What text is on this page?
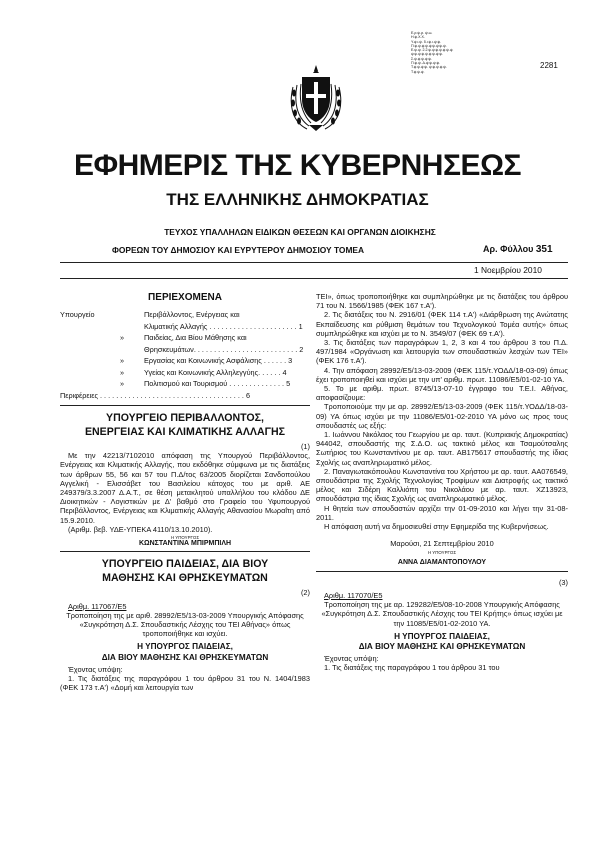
Ε.ρ.ψ.ρ. ψ.ω.
Η.ψ.Χ.Χ.
Υ.ψ.ι.ψ. δ.ι.ψ.ι.ψ.ψ.
Π.ψ.ψ.ψ.ψ.ψ.ψ.ψ.ψ.ψ.
Ε.ψ.ψ. 2.2.ψ.ψ.ψ.ψ.ψ.ψ.ψ.
ψ.ψ.ψ.ψ.ψ.ψ.ψ.ψ.ψ.
Σ.ψ.ψ.ψ.ψ.ψ.
Π.ψ.ψ. Δ.ψ.ψ.ψ.ψ.
Τ.ψ.ψ.ψ.ψ. ψ.ψ.ψ.ψ.ψ.
Τ.ψ.ψ.ψ.
2281
ΕΦΗΜΕΡΙΣ ΤΗΣ ΚΥΒΕΡΝΗΣΕΩΣ
ΤΗΣ ΕΛΛΗΝΙΚΗΣ ΔΗΜΟΚΡΑΤΙΑΣ
ΤΕΥΧΟΣ ΥΠΑΛΛΗΛΩΝ ΕΙΔΙΚΩΝ ΘΕΣΕΩΝ ΚΑΙ ΟΡΓΑΝΩΝ ΔΙΟΙΚΗΣΗΣ
ΦΟΡΕΩΝ ΤΟΥ ΔΗΜΟΣΙΟΥ ΚΑΙ ΕΥΡΥΤΕΡΟΥ ΔΗΜΟΣΙΟΥ ΤΟΜΕΑ	Αρ. Φύλλου 351
1 Νοεμβρίου 2010
ΠΕΡΙΕΧΟΜΕΝΑ
Υπουργείο	Περιβάλλοντος, Ενέργειας και
Κλιματικής Αλλαγής . . . . . . . . . . . . . . . . . . . . . . 1
»	Παιδείας, Δια Βίου Μάθησης και
Θρησκευμάτων. . . . . . . . . . . . . . . . . . . . . . . . . . 2
»	Εργασίας και Κοινωνικής Ασφάλισης . . . . . . 3
»	Υγείας και Κοινωνικής Αλληλεγγύης. . . . . . 4
»	Πολιτισμού και Τουρισμού . . . . . . . . . . . . . . 5
Περιφέρειες . . . . . . . . . . . . . . . . . . . . . . . . . . . . . . . . . . . . 6
ΥΠΟΥΡΓΕΙΟ ΠΕΡΙΒΑΛΛΟΝΤΟΣ, ΕΝΕΡΓΕΙΑΣ ΚΑΙ ΚΛΙΜΑΤΙΚΗΣ ΑΛΛΑΓΗΣ
(1)
Με την 42213/7102010 απόφαση της Υπουργού Περιβάλλοντος, Ενέργειας και Κλιματικής Αλλαγής, που εκδόθηκε σύμφωνα με τις διατάξεις των άρθρων 55, 56 και 57 του Π.Δ/τος 63/2005 διορίζεται Σανδοπούλου Αγγελική - Ελισσάβετ του Βασιλείου κάτοχος του με αριθ. ΑΕ 249379/3.3.2007 Δ.Α.Τ., σε θέση μετακλητού υπαλλήλου του κλάδου ΔΕ Διοικητικών - Λογιστικών με Δ' βαθμό στο Γραφείο του Υφυπουργού Περιβάλλοντος, Ενέργειας και Κλιματικής Αλλαγής Αθανασίου Μωραΐτη από 15.9.2010.
(Αριθμ. βεβ. ΥΔΕ-ΥΠΕΚΑ 4110/13.10.2010).
Η ΥΠΟΥΡΓΟΣ
ΚΩΝΣΤΑΝΤΙΝΑ ΜΠΙΡΜΠΙΛΗ
ΥΠΟΥΡΓΕΙΟ ΠΑΙΔΕΙΑΣ, ΔΙΑ ΒΙΟΥ ΜΑΘΗΣΗΣ ΚΑΙ ΘΡΗΣΚΕΥΜΑΤΩΝ
(2)
Αριθμ. 117067/Ε5
Τροποποίηση της με αριθ. 28992/Ε5/13-03-2009 Υπουργικής Απόφασης «Συγκρότηση Δ.Σ. Σπουδαστικής Λέσχης του ΤΕΙ Αθήνας» όπως τροποποιήθηκε και ισχύει.
Η ΥΠΟΥΡΓΟΣ ΠΑΙΔΕΙΑΣ,
ΔΙΑ ΒΙΟΥ ΜΑΘΗΣΗΣ ΚΑΙ ΘΡΗΣΚΕΥΜΑΤΩΝ
Έχοντας υπόψη:
1. Τις διατάξεις της παραγράφου 1 του άρθρου 31 του Ν. 1404/1983 (ΦΕΚ 173 τ.Α') «Δομή και λειτουργία των
ΤΕΙ», όπως τροποποιήθηκε και συμπληρώθηκε με τις διατάξεις του άρθρου 71 του Ν. 1566/1985 (ΦΕΚ 167 τ.Α').
2. Τις διατάξεις του Ν. 2916/01 (ΦΕΚ 114 τ.Α') «Διάρθρωση της Ανώτατης Εκπαίδευσης και ρύθμιση θεμάτων του Τεχνολογικού Τομέα αυτής» όπως συμπληρώθηκε και ισχύει με το Ν. 3549/07 (ΦΕΚ 69 τ.Α').
3. Τις διατάξεις των παραγράφων 1, 2, 3 και 4 του άρθρου 3 του Π.Δ. 497/1984 «Οργάνωση και λειτουργία των σπουδαστικών λεσχών των ΤΕΙ» (ΦΕΚ 176 τ.Α').
4. Την απόφαση 28992/Ε5/13-03-2009 (ΦΕΚ 115/τ.ΥΟΔΔ/18-03-09) όπως έχει τροποποιηθεί και ισχύει με την υπ' αριθμ. πρωτ. 11086/Ε5/01-02-10 ΥΑ.
5. Το με αριθμ. πρωτ. 8745/13-07-10 έγγραφο του Τ.Ε.Ι. Αθήνας, αποφασίζουμε:
Τροποποιούμε την με αρ. 28992/Ε5/13-03-2009 (ΦΕΚ 115/τ.ΥΟΔΔ/18-03-09) ΥΑ όπως ισχύει με την 11086/Ε5/01-02-2010 ΥΑ μόνο ως προς τους σπουδαστές ως εξής:
1. Ιωάννου Νικόλαος του Γεωργίου με αρ. ταυτ. (Κυπριακής Δημοκρατίας) 944042, σπουδαστής της Σ.Δ.Ο. ως τακτικό μέλος και Τσαμούτσαλης Σωτήριος του Κωνσταντίνου με αρ. ταυτ. ΑΒ175617 σπουδαστής της ίδιας Σχολής ως αναπληρωματικό μέλος.
2. Παναγιωτακόπουλου Κωνσταντίνα του Χρήστου με αρ. ταυτ. ΑΑ076549, σπουδάστρια της Σχολής Τεχνολογίας Τροφίμων και Διατροφής ως τακτικό μέλος και Σιδέρη Καλλιόπη του Νικολάου με αρ. ταυτ. ΧΖ13923, σπουδάστρια της ίδιας Σχολής ως αναπληρωματικό μέλος.
Η θητεία των σπουδαστών αρχίζει την 01-09-2010 και λήγει την 31-08-2011.
Η απόφαση αυτή να δημοσιευθεί στην Εφημερίδα της Κυβερνήσεως.
Μαρούσι, 21 Σεπτεμβρίου 2010
Η ΥΠΟΥΡΓΟΣ
ΑΝΝΑ ΔΙΑΜΑΝΤΟΠΟΥΛΟΥ
(3)
Αριθμ. 117070/Ε5
Τροποποίηση της με αρ. 129282/Ε5/08-10-2008 Υπουργικής Απόφασης «Συγκρότηση Δ.Σ. Σπουδαστικής Λέσχης του ΤΕΙ Κρήτης» όπως ισχύει με την 11085/Ε5/01-02-2010 ΥΑ.
Η ΥΠΟΥΡΓΟΣ ΠΑΙΔΕΙΑΣ,
ΔΙΑ ΒΙΟΥ ΜΑΘΗΣΗΣ ΚΑΙ ΘΡΗΣΚΕΥΜΑΤΩΝ
Έχοντας υπόψη:
1. Τις διατάξεις της παραγράφου 1 του άρθρου 31 του
